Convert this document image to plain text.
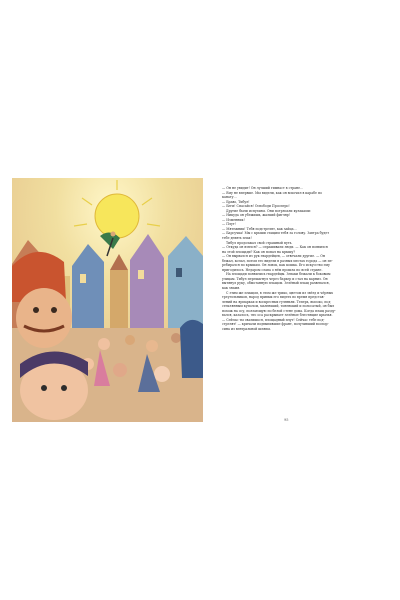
— Он не увидит! Он лучший гимнаст в стране…
— Ему не впервые. Мы видели, как он вскочил в карабе по
канату…
— Браво, Тибул!
— Беги! Спасайся! Освободи Просперо!
Другие были испуганы. Они потрясали кулаками:
— Никуда он убежишь, жалкий фигляр!
— Изменник!
— Плут!
— Мятежник! Тебя подстрелят, как зайца…
— Барсучка! Мы с крыши стащим тебя за голову. Завтра будет
тебе девять плах!
Тибул продолжал свой страшный путь.
— Откуда он взялся? — спрашивали люди. — Как он появился
на этой площади? Как он попал на крышу?
— Он вырвался из рук гвардейцев, — отвечали другие. — Он
бежал, кочал, потом его видели в разных местах города — он пе-
ребирался по крышам. Он ловок, как кошка. Его искусство ему
пригодилось. Недаром слава о нём прошла по всей стране.
На площади появились гвардейцы. Зеваки бежали к боковым
улицам. Тибул перешагнул через барьер и стал на карниз. Он
вытянул руку, обмотанную плащом. Зелёный плащ развевался,
как знамя.
С этим же плащом, в этом же трико, цветом из звёзд и чёрных
треугольников, народ привык его видеть во время представ-
лений на ярмарках и воскресных гуляньях. Теперь, высоко, под
стеклянным куполом, маленький, тоненький и полосатый, он был
похож на осу, ползающую по белой стене дома. Когда плащ разду-
вался, казалось, что оса раскрывает зелёные блестящие крылья.
— Сейчас ты свалишься, площадный плут! Сейчас тебе под-
стрелят! — кричали подвыпившие франт, получивший воспор-
сина из вентральной шляпы.
95
